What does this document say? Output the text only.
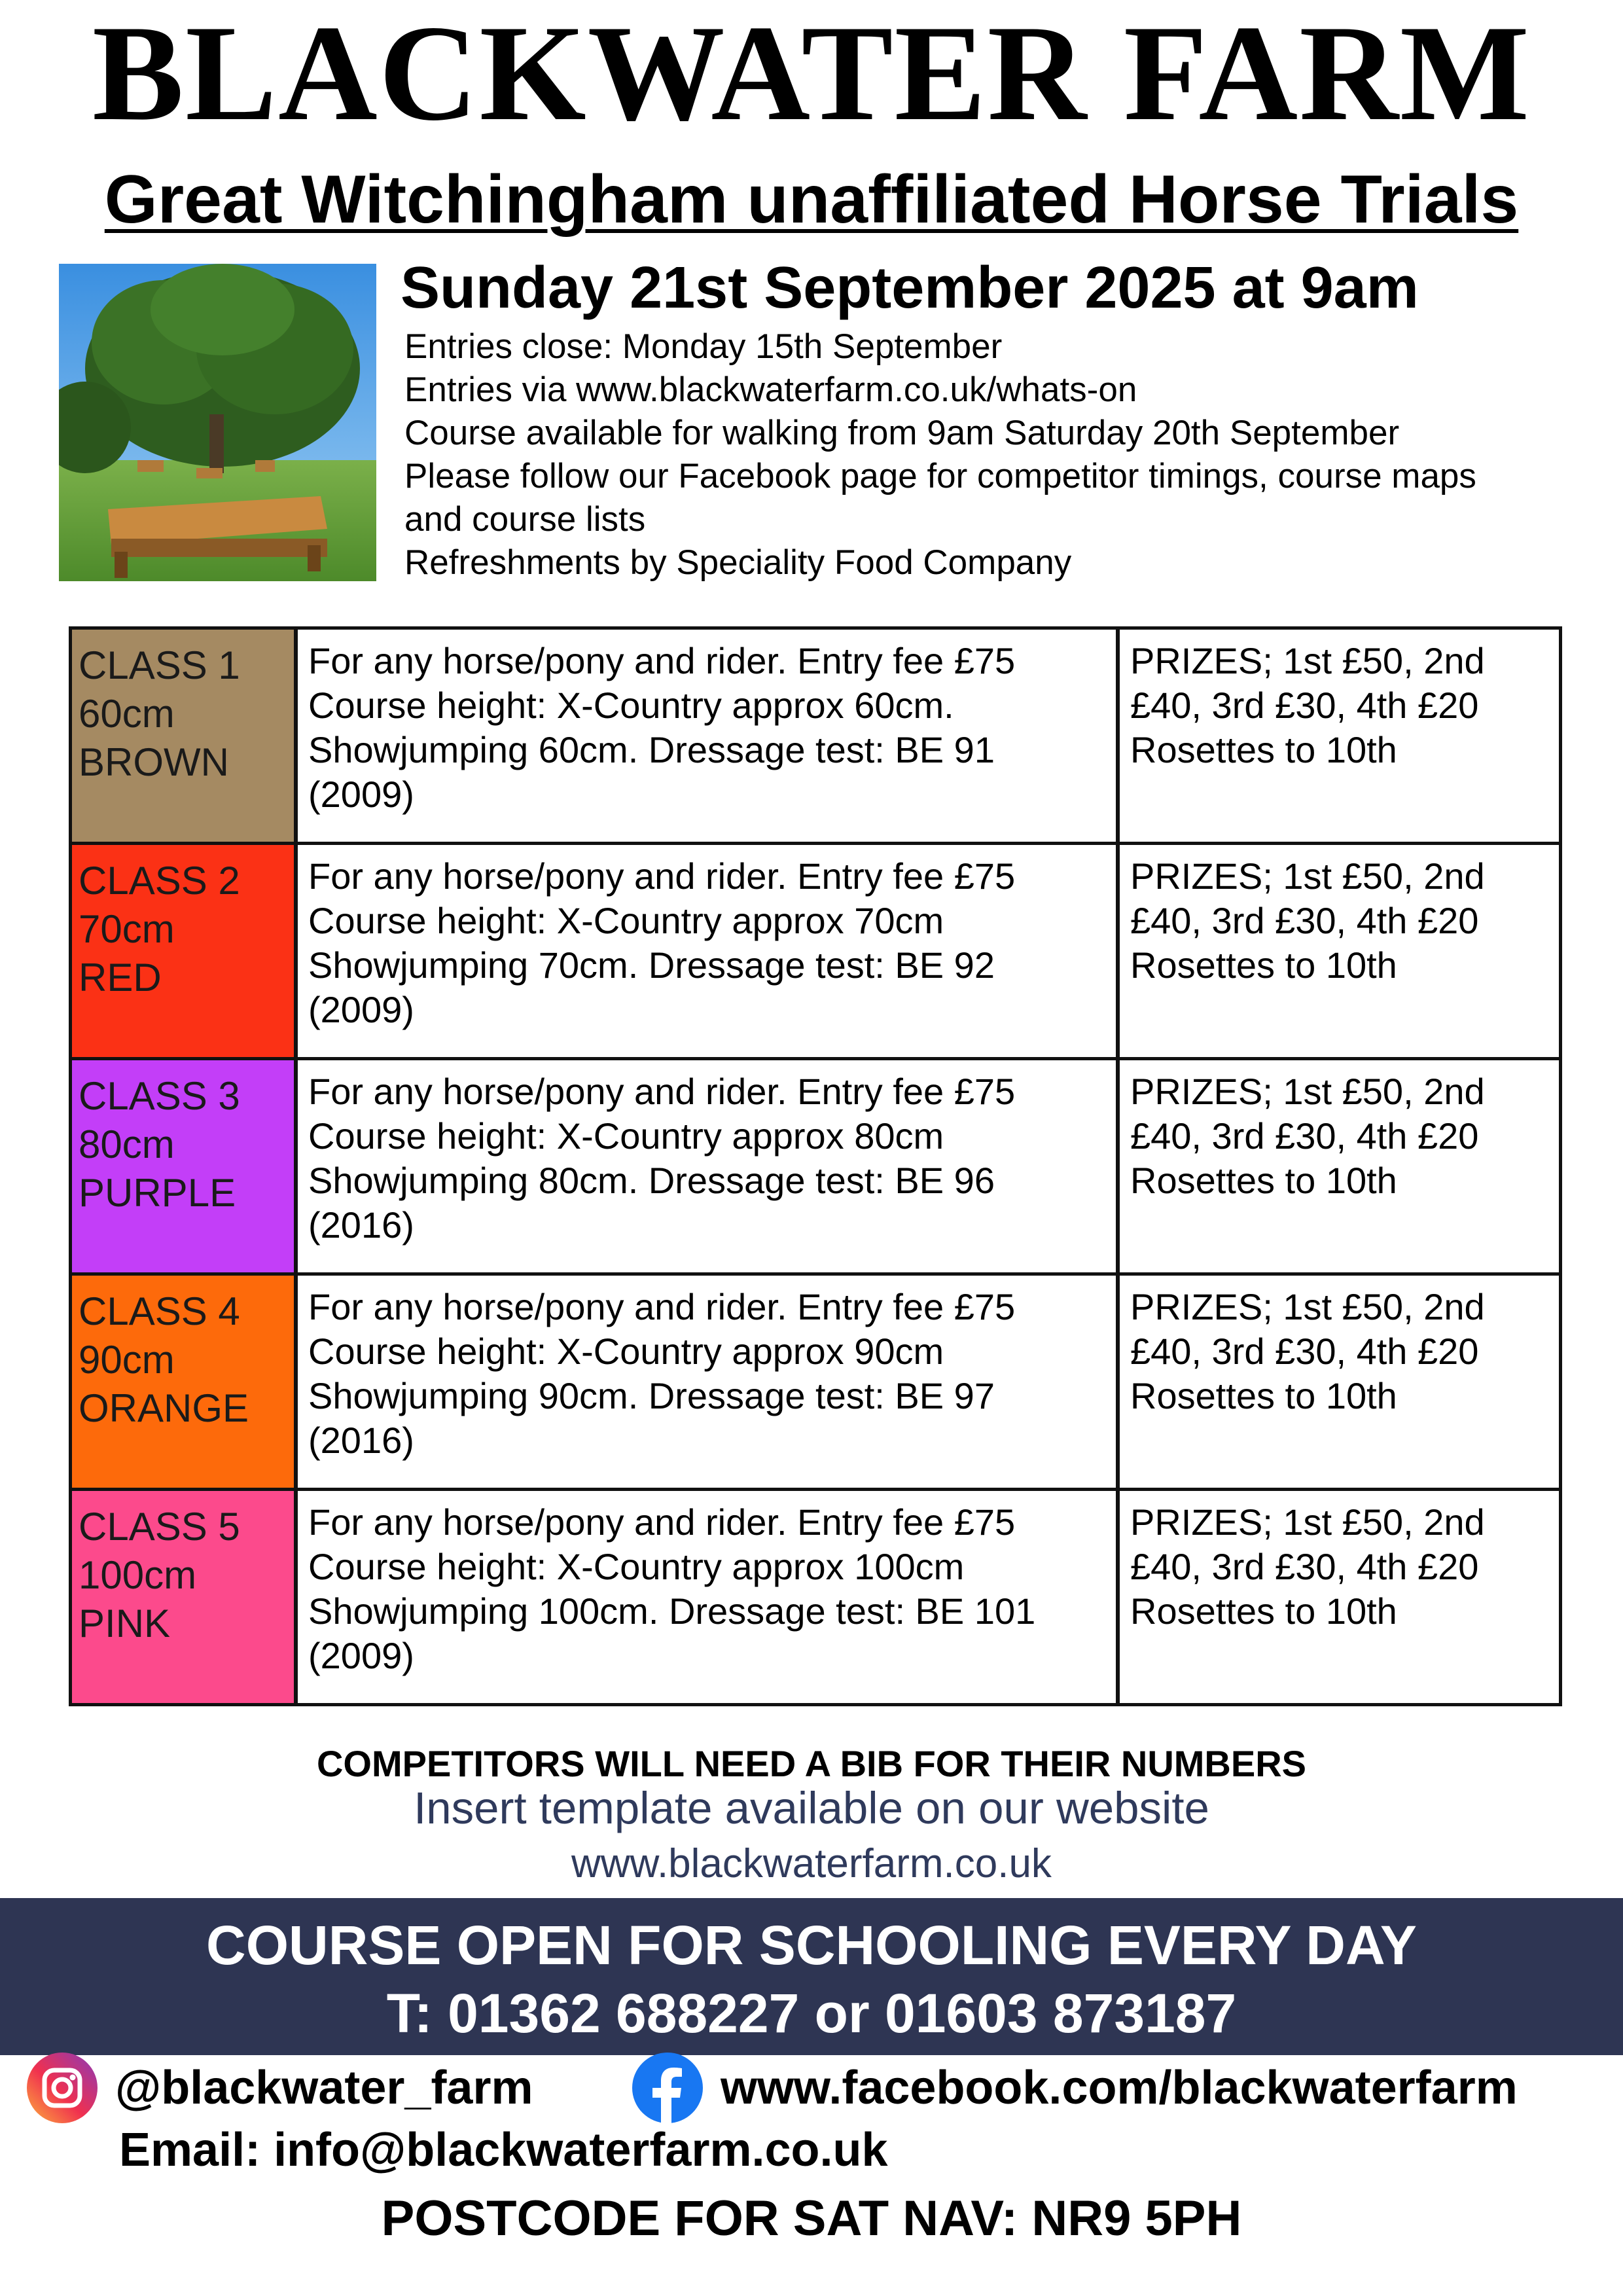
BLACKWATER FARM
Great Witchingham unaffiliated Horse Trials
Sunday 21st September 2025 at 9am
Entries close: Monday 15th September
Entries via www.blackwaterfarm.co.uk/whats-on
Course available for walking from 9am Saturday 20th September
Please follow our Facebook page for competitor timings, course maps
and course lists
Refreshments by Speciality Food Company
CLASS 1
60cm
BROWN
For any horse/pony and rider. Entry fee £75
Course height: X-Country approx 60cm.
Showjumping 60cm. Dressage test: BE 91
(2009)
PRIZES; 1st £50, 2nd
£40, 3rd £30, 4th £20
Rosettes to 10th
CLASS 2
70cm
RED
For any horse/pony and rider. Entry fee £75
Course height: X-Country approx 70cm
Showjumping 70cm. Dressage test: BE 92
(2009)
PRIZES; 1st £50, 2nd
£40, 3rd £30, 4th £20
Rosettes to 10th
CLASS 3
80cm
PURPLE
For any horse/pony and rider. Entry fee £75
Course height: X-Country approx 80cm
Showjumping 80cm. Dressage test: BE 96
(2016)
PRIZES; 1st £50, 2nd
£40, 3rd £30, 4th £20
Rosettes to 10th
CLASS 4
90cm
ORANGE
For any horse/pony and rider. Entry fee £75
Course height: X-Country approx 90cm
Showjumping 90cm. Dressage test: BE 97
(2016)
PRIZES; 1st £50, 2nd
£40, 3rd £30, 4th £20
Rosettes to 10th
CLASS 5
100cm
PINK
For any horse/pony and rider. Entry fee £75
Course height: X-Country approx 100cm
Showjumping 100cm. Dressage test: BE 101
(2009)
PRIZES; 1st £50, 2nd
£40, 3rd £30, 4th £20
Rosettes to 10th
COMPETITORS WILL NEED A BIB FOR THEIR NUMBERS
Insert template available on our website
www.blackwaterfarm.co.uk
COURSE OPEN FOR SCHOOLING EVERY DAY
T: 01362 688227 or 01603 873187
@blackwater_farm	www.facebook.com/blackwaterfarm
Email: info@blackwaterfarm.co.uk
POSTCODE FOR SAT NAV: NR9 5PH
